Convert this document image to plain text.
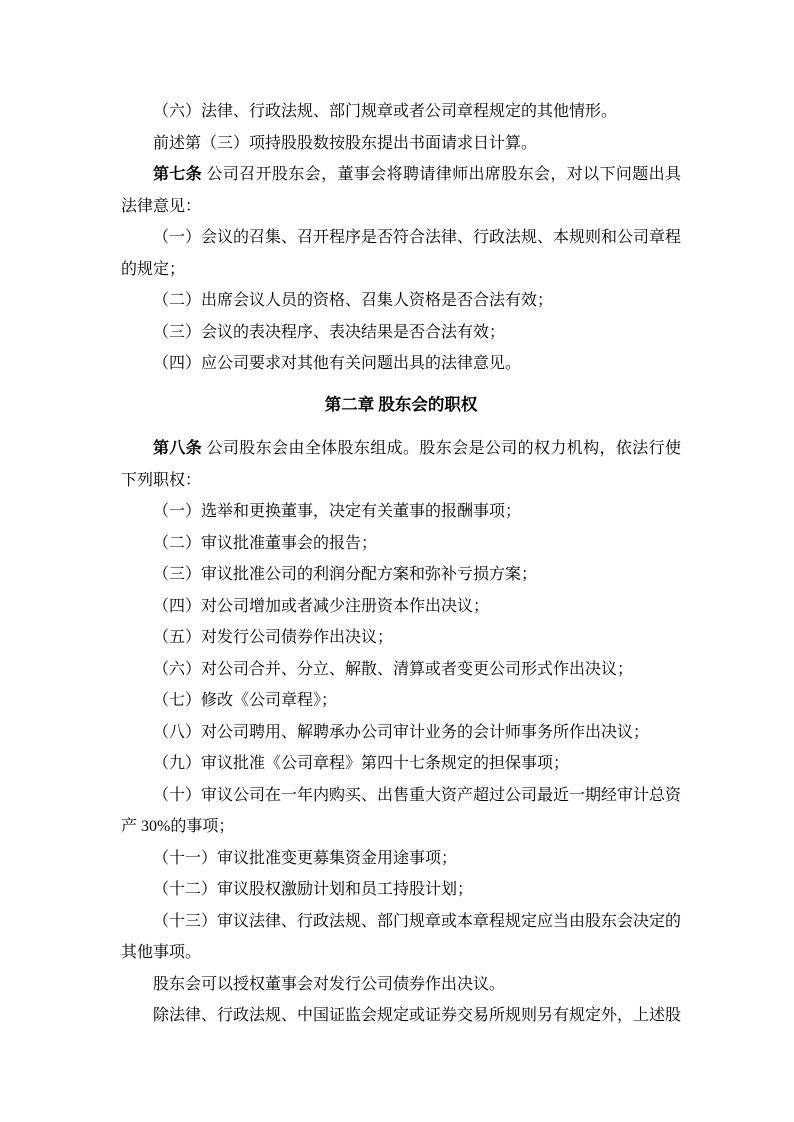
（六）法律、行政法规、部门规章或者公司章程规定的其他情形。

前述第（三）项持股股数按股东提出书面请求日计算。

第七条 公司召开股东会，董事会将聘请律师出席股东会，对以下问题出具法律意见：

（一）会议的召集、召开程序是否符合法律、行政法规、本规则和公司章程的规定；

（二）出席会议人员的资格、召集人资格是否合法有效；

（三）会议的表决程序、表决结果是否合法有效；

（四）应公司要求对其他有关问题出具的法律意见。

第二章 股东会的职权

第八条 公司股东会由全体股东组成。股东会是公司的权力机构，依法行使下列职权：

（一）选举和更换董事，决定有关董事的报酬事项；

（二）审议批准董事会的报告；

（三）审议批准公司的利润分配方案和弥补亏损方案；

（四）对公司增加或者减少注册资本作出决议；

（五）对发行公司债券作出决议；

（六）对公司合并、分立、解散、清算或者变更公司形式作出决议；

（七）修改《公司章程》；

（八）对公司聘用、解聘承办公司审计业务的会计师事务所作出决议；

（九）审议批准《公司章程》第四十七条规定的担保事项；

（十）审议公司在一年内购买、出售重大资产超过公司最近一期经审计总资产 30%的事项；

（十一）审议批准变更募集资金用途事项；

（十二）审议股权激励计划和员工持股计划；

（十三）审议法律、行政法规、部门规章或本章程规定应当由股东会决定的其他事项。

股东会可以授权董事会对发行公司债券作出决议。

除法律、行政法规、中国证监会规定或证券交易所规则另有规定外，上述股
